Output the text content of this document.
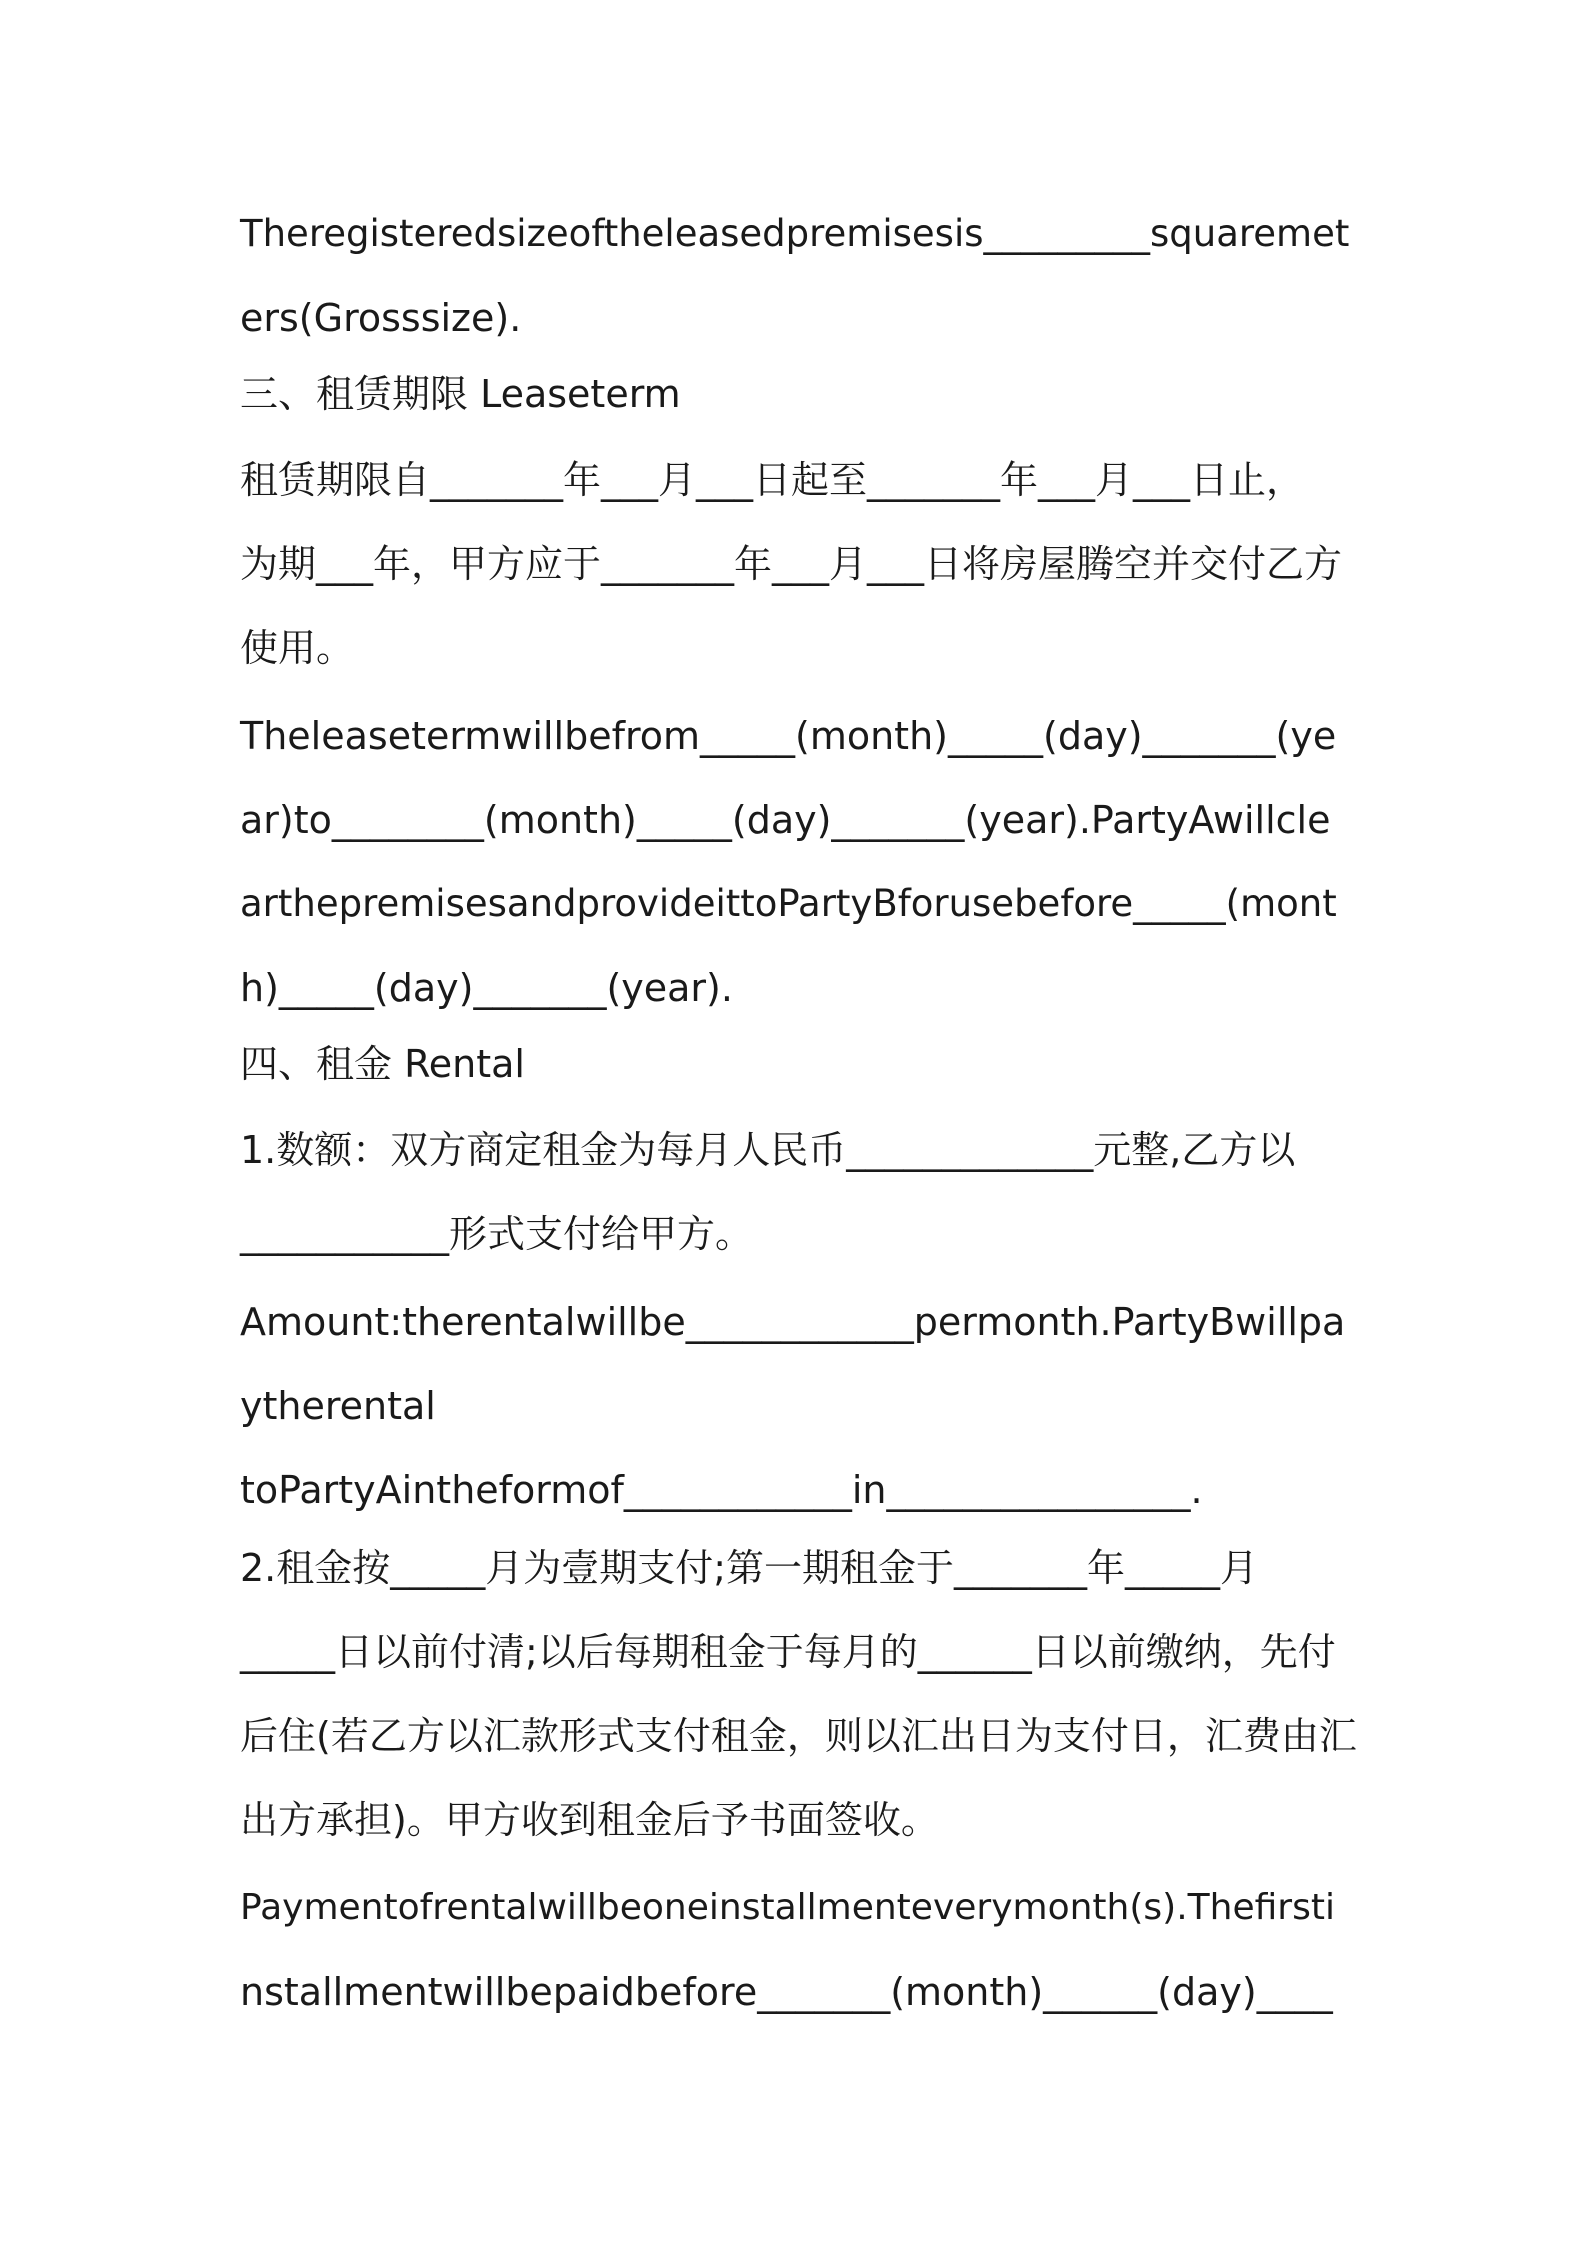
Theregisteredsizeoftheleasedpremisesis_________squaremet
ers(Grosssize).
三、租赁期限 Leaseterm
租赁期限自_______年___月___日起至_______年___月___日止，
为期___年，甲方应于_______年___月___日将房屋腾空并交付乙方
使用。
Theleasetermwillbefrom_____(month)_____(day)_______(ye
ar)to________(month)_____(day)_______(year).PartyAwillcle
arthepremisesandprovideittoPartyBforusebefore_____(mont
h)_____(day)_______(year).
四、租金 Rental
1.数额：双方商定租金为每月人民币_____________元整,乙方以
___________形式支付给甲方。
Amount:therentalwillbe____________permonth.PartyBwillpa
ytherental
toPartyAintheformof____________in________________.
2.租金按_____月为壹期支付;第一期租金于_______年_____月
_____日以前付清;以后每期租金于每月的______日以前缴纳，先付
后住(若乙方以汇款形式支付租金，则以汇出日为支付日，汇费由汇
出方承担)。甲方收到租金后予书面签收。
Paymentofrentalwillbeoneinstallmenteverymonth(s).Thefirsti
nstallmentwillbepaidbefore_______(month)______(day)____
